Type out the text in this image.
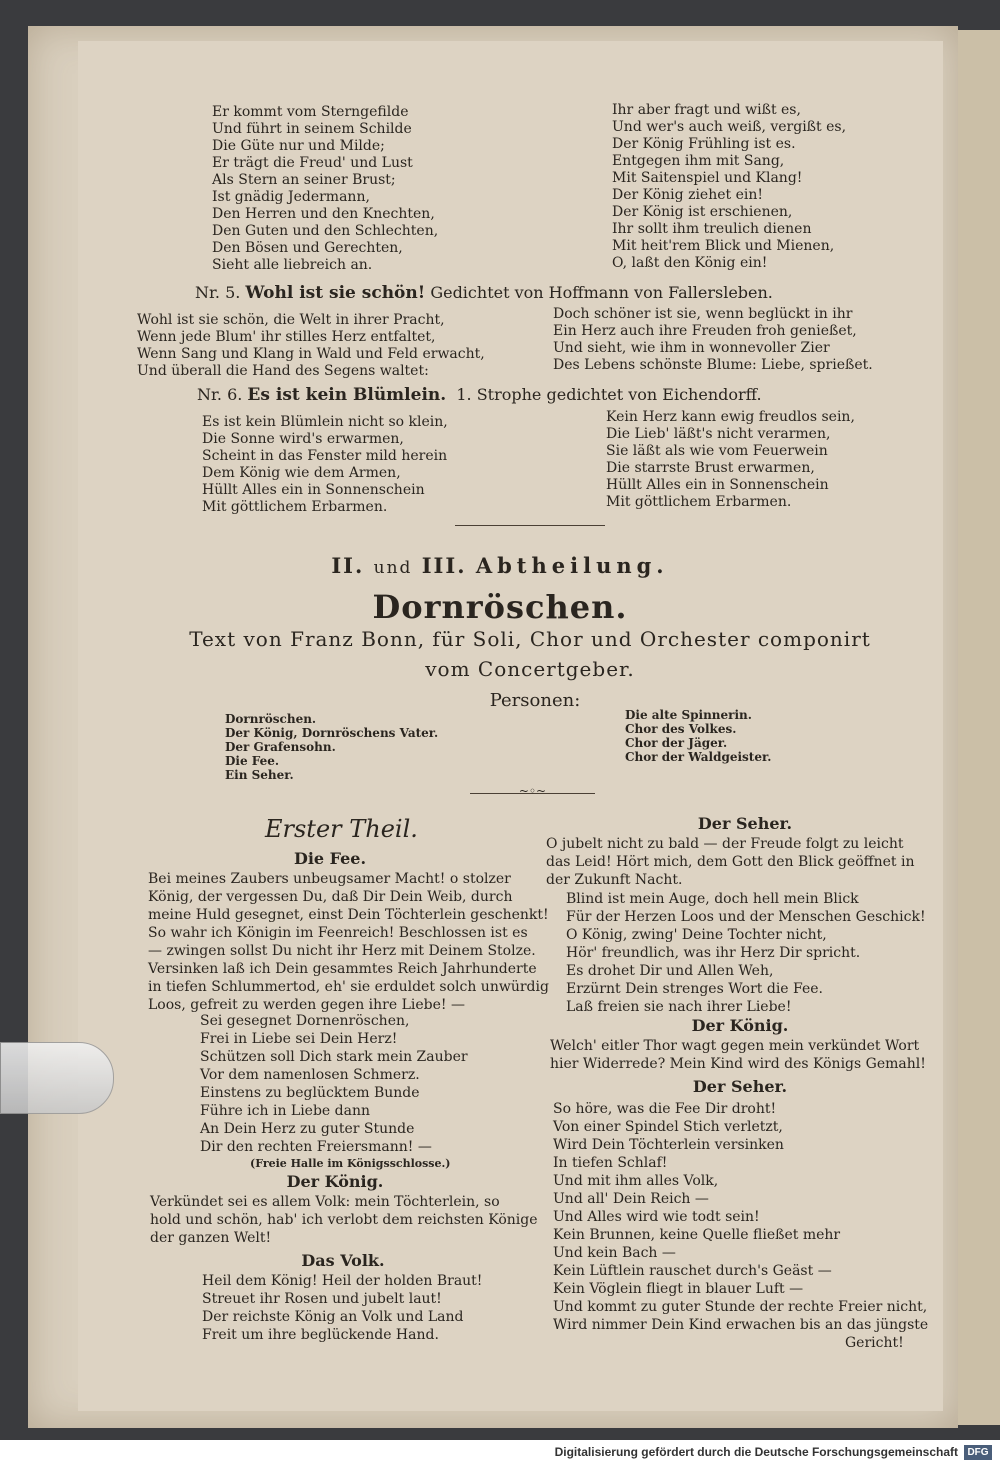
Er kommt vom Sterngefilde
Und führt in seinem Schilde
Die Güte nur und Milde;
Er trägt die Freud' und Lust
Als Stern an seiner Brust;
Ist gnädig Jedermann,
Den Herren und den Knechten,
Den Guten und den Schlechten,
Den Bösen und Gerechten,
Sieht alle liebreich an.
Ihr aber fragt und wißt es,
Und wer's auch weiß, vergißt es,
Der König Frühling ist es.
Entgegen ihm mit Sang,
Mit Saitenspiel und Klang!
Der König ziehet ein!
Der König ist erschienen,
Ihr sollt ihm treulich dienen
Mit heit'rem Blick und Mienen,
O, laßt den König ein!
Nr. 5. Wohl ist sie schön! Gedichtet von Hoffmann von Fallersleben.
Wohl ist sie schön, die Welt in ihrer Pracht,
Wenn jede Blum' ihr stilles Herz entfaltet,
Wenn Sang und Klang in Wald und Feld erwacht,
Und überall die Hand des Segens waltet:
Doch schöner ist sie, wenn beglückt in ihr
Ein Herz auch ihre Freuden froh genießet,
Und sieht, wie ihm in wonnevoller Zier
Des Lebens schönste Blume: Liebe, sprießet.
Nr. 6. Es ist kein Blümlein. 1. Strophe gedichtet von Eichendorff.
Es ist kein Blümlein nicht so klein,
Die Sonne wird's erwarmen,
Scheint in das Fenster mild herein
Dem König wie dem Armen,
Hüllt Alles ein in Sonnenschein
Mit göttlichem Erbarmen.
Kein Herz kann ewig freudlos sein,
Die Lieb' läßt's nicht verarmen,
Sie läßt als wie vom Feuerwein
Die starrste Brust erwarmen,
Hüllt Alles ein in Sonnenschein
Mit göttlichem Erbarmen.
II. und III. Abtheilung.
Dornröschen.
Text von Franz Bonn, für Soli, Chor und Orchester componirt vom Concertgeber.
Personen:
Dornröschen.
Der König, Dornröschens Vater.
Der Grafensohn.
Die Fee.
Ein Seher.
Die alte Spinnerin.
Chor des Volkes.
Chor der Jäger.
Chor der Waldgeister.
~◦~
Erster Theil.
Die Fee.
Bei meines Zaubers unbeugsamer Macht! o stolzer
König, der vergessen Du, daß Dir Dein Weib, durch
meine Huld gesegnet, einst Dein Töchterlein geschenkt!
So wahr ich Königin im Feenreich! Beschlossen ist es
— zwingen sollst Du nicht ihr Herz mit Deinem Stolze.
Versinken laß ich Dein gesammtes Reich Jahrhunderte
in tiefen Schlummertod, eh' sie erduldet solch unwürdig
Loos, gefreit zu werden gegen ihre Liebe! —
Sei gesegnet Dornenröschen,
Frei in Liebe sei Dein Herz!
Schützen soll Dich stark mein Zauber
Vor dem namenlosen Schmerz.
Einstens zu beglücktem Bunde
Führe ich in Liebe dann
An Dein Herz zu guter Stunde
Dir den rechten Freiersmann! —
(Freie Halle im Königsschlosse.)
Der König.
Verkündet sei es allem Volk: mein Töchterlein, so
hold und schön, hab' ich verlobt dem reichsten Könige
der ganzen Welt!
Das Volk.
Heil dem König! Heil der holden Braut!
Streuet ihr Rosen und jubelt laut!
Der reichste König an Volk und Land
Freit um ihre beglückende Hand.
Der Seher.
O jubelt nicht zu bald — der Freude folgt zu leicht
das Leid! Hört mich, dem Gott den Blick geöffnet in
der Zukunft Nacht.
Blind ist mein Auge, doch hell mein Blick
Für der Herzen Loos und der Menschen Geschick!
O König, zwing' Deine Tochter nicht,
Hör' freundlich, was ihr Herz Dir spricht.
Es drohet Dir und Allen Weh,
Erzürnt Dein strenges Wort die Fee.
Laß freien sie nach ihrer Liebe!
Der König.
Welch' eitler Thor wagt gegen mein verkündet Wort
hier Widerrede? Mein Kind wird des Königs Gemahl!
Der Seher.
So höre, was die Fee Dir droht!
Von einer Spindel Stich verletzt,
Wird Dein Töchterlein versinken
In tiefen Schlaf!
Und mit ihm alles Volk,
Und all' Dein Reich —
Und Alles wird wie todt sein!
Kein Brunnen, keine Quelle fließet mehr
Und kein Bach —
Kein Lüftlein rauschet durch's Geäst —
Kein Vöglein fliegt in blauer Luft —
Und kommt zu guter Stunde der rechte Freier nicht,
Wird nimmer Dein Kind erwachen bis an das jüngste
Gericht!
Digitalisierung gefördert durch die Deutsche Forschungsgemeinschaft DFG
